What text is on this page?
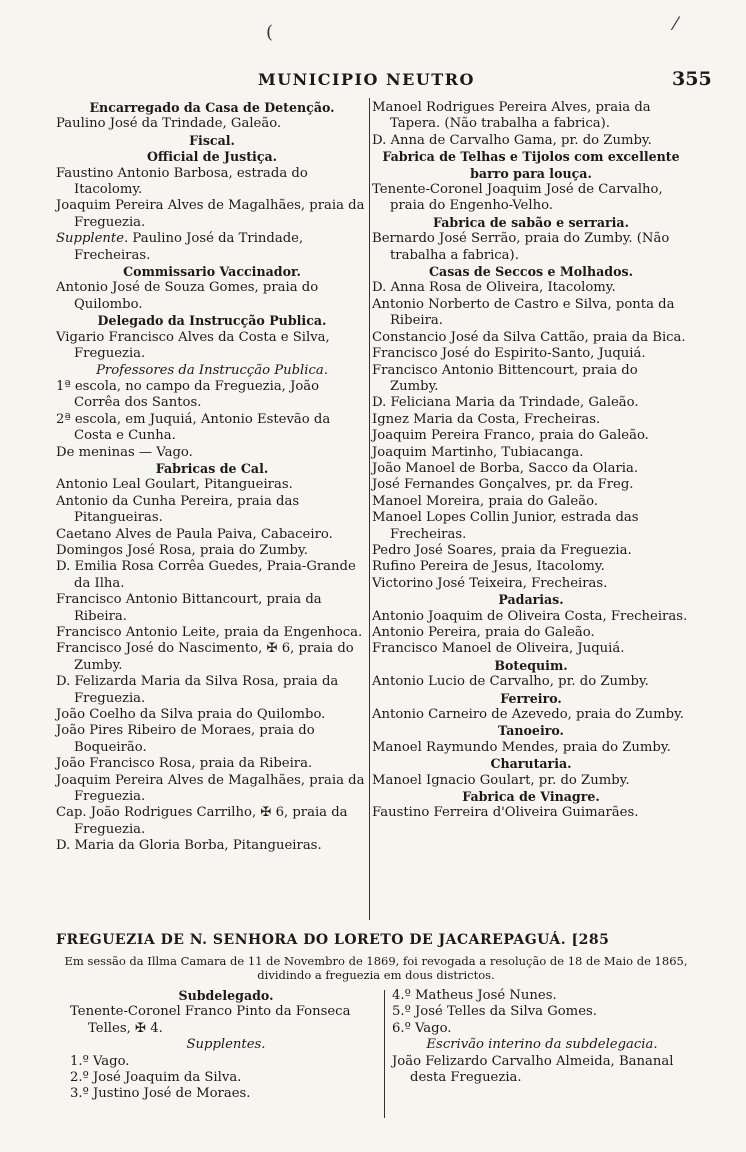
(	⁄
MUNICIPIO NEUTRO	355
Encarregado da Casa de Detenção.
Paulino José da Trindade, Galeão.
Fiscal.
Official de Justiça.
Faustino Antonio Barbosa, estrada do Itacolomy.
Joaquim Pereira Alves de Magalhães, praia da Freguezia.
Supplente. Paulino José da Trindade, Frecheiras.
Commissario Vaccinador.
Antonio José de Souza Gomes, praia do Quilombo.
Delegado da Instrucção Publica.
Vigario Francisco Alves da Costa e Silva, Freguezia.
Professores da Instrucção Publica.
1ª escola, no campo da Freguezia, João Corrêa dos Santos.
2ª escola, em Juquiá, Antonio Estevão da Costa e Cunha.
De meninas — Vago.
Fabricas de Cal.
Antonio Leal Goulart, Pitangueiras.
Antonio da Cunha Pereira, praia das Pitangueiras.
Caetano Alves de Paula Paiva, Cabaceiro.
Domingos José Rosa, praia do Zumby.
D. Emilia Rosa Corrêa Guedes, Praia-Grande da Ilha.
Francisco Antonio Bittancourt, praia da Ribeira.
Francisco Antonio Leite, praia da Engenhoca.
Francisco José do Nascimento, ✠ 6, praia do Zumby.
D. Felizarda Maria da Silva Rosa, praia da Freguezia.
João Coelho da Silva praia do Quilombo.
João Pires Ribeiro de Moraes, praia do Boqueirão.
João Francisco Rosa, praia da Ribeira.
Joaquim Pereira Alves de Magalhães, praia da Freguezia.
Cap. João Rodrigues Carrilho, ✠ 6, praia da Freguezia.
D. Maria da Gloria Borba, Pitangueiras.
Manoel Rodrigues Pereira Alves, praia da Tapera. (Não trabalha a fabrica).
D. Anna de Carvalho Gama, pr. do Zumby.
Fabrica de Telhas e Tijolos com excellente barro para louça.
Tenente-Coronel Joaquim José de Carvalho, praia do Engenho-Velho.
Fabrica de sabão e serraria.
Bernardo José Serrão, praia do Zumby. (Não trabalha a fabrica).
Casas de Seccos e Molhados.
D. Anna Rosa de Oliveira, Itacolomy.
Antonio Norberto de Castro e Silva, ponta da Ribeira.
Constancio José da Silva Cattão, praia da Bica.
Francisco José do Espirito-Santo, Juquiá.
Francisco Antonio Bittencourt, praia do Zumby.
D. Feliciana Maria da Trindade, Galeão.
Ignez Maria da Costa, Frecheiras.
Joaquim Pereira Franco, praia do Galeão.
Joaquim Martinho, Tubiacanga.
João Manoel de Borba, Sacco da Olaria.
José Fernandes Gonçalves, pr. da Freg.
Manoel Moreira, praia do Galeão.
Manoel Lopes Collin Junior, estrada das Frecheiras.
Pedro José Soares, praia da Freguezia.
Rufino Pereira de Jesus, Itacolomy.
Victorino José Teixeira, Frecheiras.
Padarias.
Antonio Joaquim de Oliveira Costa, Frecheiras.
Antonio Pereira, praia do Galeão.
Francisco Manoel de Oliveira, Juquiá.
Botequim.
Antonio Lucio de Carvalho, pr. do Zumby.
Ferreiro.
Antonio Carneiro de Azevedo, praia do Zumby.
Tanoeiro.
Manoel Raymundo Mendes, praia do Zumby.
Charutaria.
Manoel Ignacio Goulart, pr. do Zumby.
Fabrica de Vinagre.
Faustino Ferreira d'Oliveira Guimarães.
FREGUEZIA DE N. SENHORA DO LORETO DE JACAREPAGUÁ. [285
Em sessão da Illma Camara de 11 de Novembro de 1869, foi revogada a resolução de 18 de Maio de 1865, dividindo a freguezia em dous districtos.
Subdelegado.
Tenente-Coronel Franco Pinto da Fonseca Telles, ✠ 4.
Supplentes.
1.º Vago.
2.º José Joaquim da Silva.
3.º Justino José de Moraes.
4.º Matheus José Nunes.
5.º José Telles da Silva Gomes.
6.º Vago.
Escrivão interino da subdelegacia.
João Felizardo Carvalho Almeida, Bananal desta Freguezia.
